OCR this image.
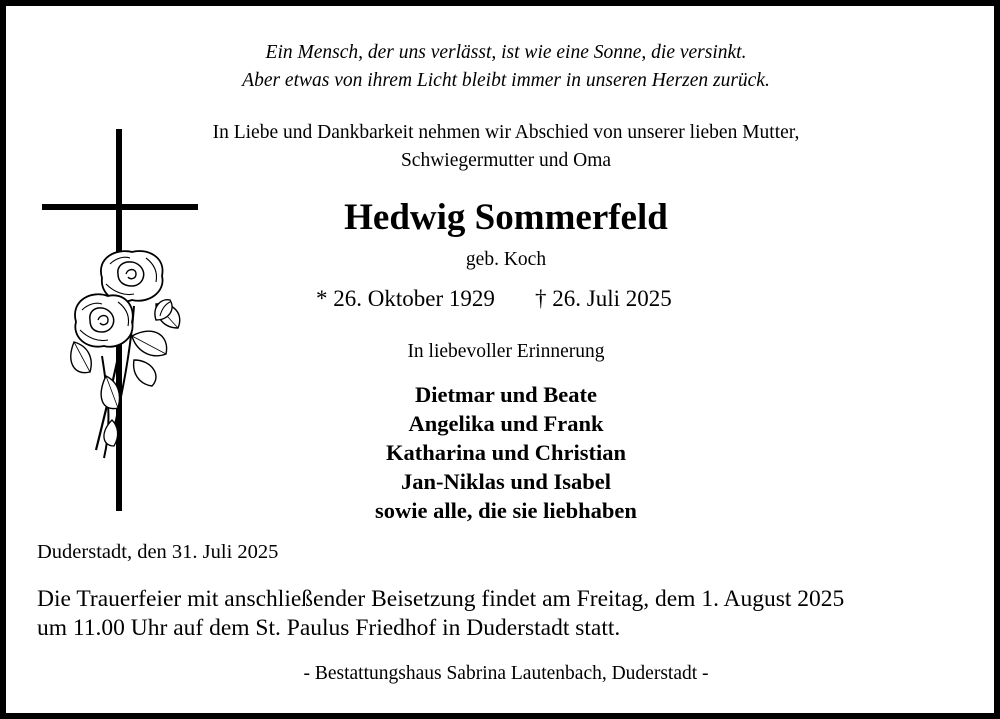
Ein Mensch, der uns verlässt, ist wie eine Sonne, die versinkt.
Aber etwas von ihrem Licht bleibt immer in unseren Herzen zurück.
In Liebe und Dankbarkeit nehmen wir Abschied von unserer lieben Mutter,
Schwiegermutter und Oma
Hedwig Sommerfeld
geb. Koch
* 26. Oktober 1929 † 26. Juli 2025
In liebevoller Erinnerung
Dietmar und Beate
Angelika und Frank
Katharina und Christian
Jan-Niklas und Isabel
sowie alle, die sie liebhaben
Duderstadt, den 31. Juli 2025
Die Trauerfeier mit anschließender Beisetzung findet am Freitag, dem 1. August 2025
um 11.00 Uhr auf dem St. Paulus Friedhof in Duderstadt statt.
- Bestattungshaus Sabrina Lautenbach, Duderstadt -
